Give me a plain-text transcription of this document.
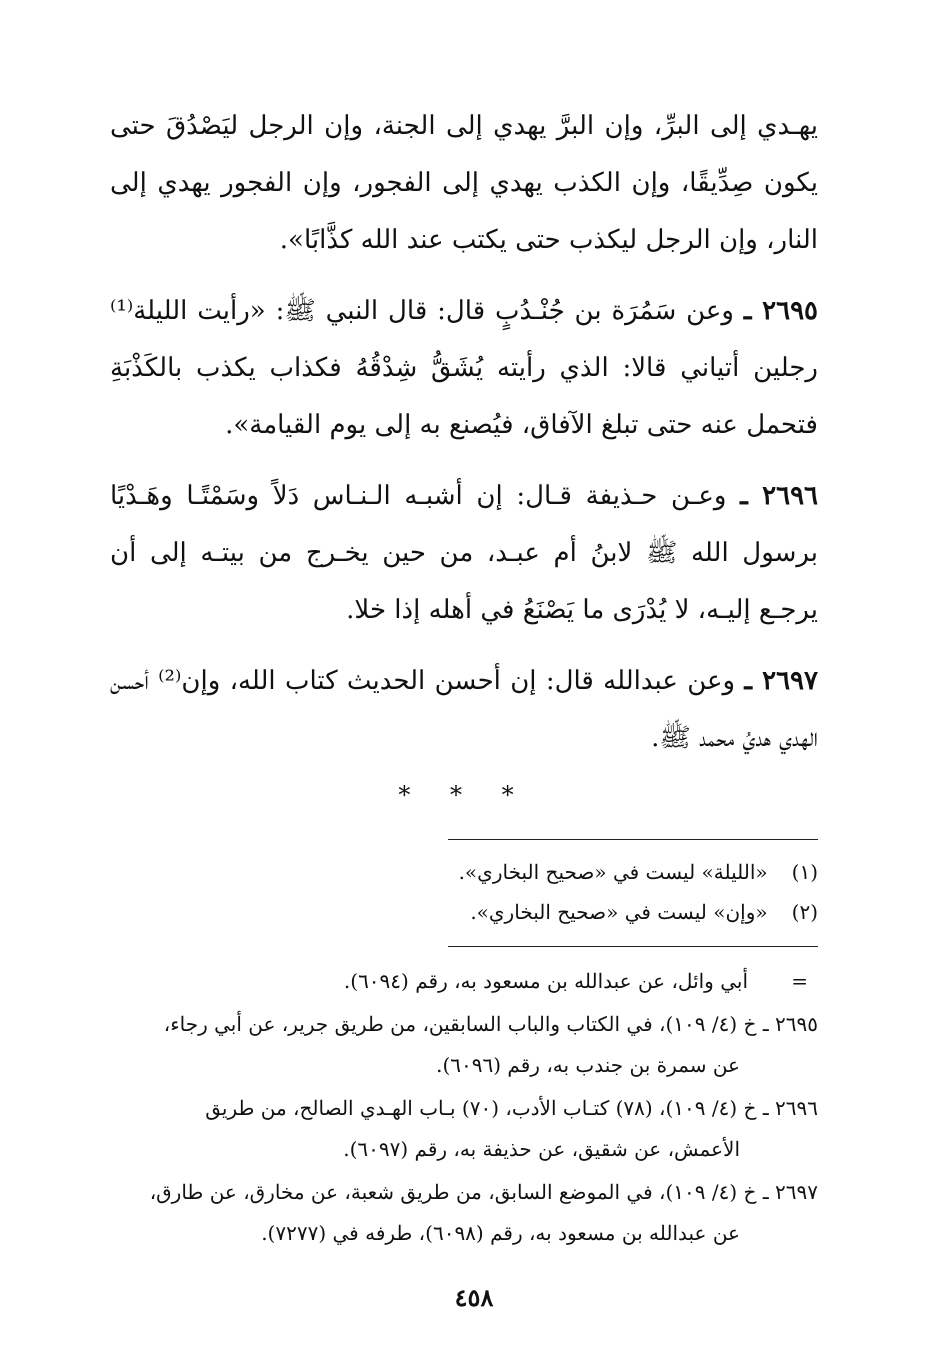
يهـدي إلى البرِّ، وإن البرَّ يهدي إلى الجنة، وإن الرجل ليَصْدُقَ حتى يكون صِدِّيقًا، وإن الكذب يهدي إلى الفجور، وإن الفجور يهدي إلى النار، وإن الرجل ليكذب حتى يكتب عند الله كذَّابًا».

٢٦٩٥ ـ وعن سَمُرَة بن جُنْـدُبٍ قال: قال النبي ﷺ: «رأيت الليلة⁽¹⁾ رجلين أتياني قالا: الذي رأيته يُشَقُّ شِدْقُهُ فكذاب يكذب بالكَذْبَةِ فتحمل عنه حتى تبلغ الآفاق، فيُصنع به إلى يوم القيامة».

٢٦٩٦ ـ وعـن حـذيفة قـال: إن أشبـه الـنـاس دَلاً وسَمْتًـا وهَـدْيًا برسول الله ﷺ لابنُ أم عبـد، من حين يخـرج من بيتـه إلى أن يرجـع إليـه، لا يُدْرَى ما يَصْنَعُ في أهله إذا خلا.

٢٦٩٧ ـ وعن عبدالله قال: إن أحسن الحديث كتاب الله، وإن⁽²⁾ أحسن الهدي هديُ محمد ﷺ.

* * *
(١) «الليلة» ليست في «صحيح البخاري».
(٢) «وإن» ليست في «صحيح البخاري».

=أبي وائل، عن عبدالله بن مسعود به، رقم (٦٠٩٤).

٢٦٩٥ ـ خ (٤/ ١٠٩)، في الكتاب والباب السابقين، من طريق جرير، عن أبي رجاء،
عن سمرة بن جندب به، رقم (٦٠٩٦).

٢٦٩٦ ـ خ (٤/ ١٠٩)، (٧٨) كتـاب الأدب، (٧٠) بـاب الهـدي الصالح، من طريق
الأعمش، عن شقيق، عن حذيفة به، رقم (٦٠٩٧).

٢٦٩٧ ـ خ (٤/ ١٠٩)، في الموضع السابق، من طريق شعبة، عن مخارق، عن طارق،
عن عبدالله بن مسعود به، رقم (٦٠٩٨)، طرفه في (٧٢٧٧).

٤٥٨
